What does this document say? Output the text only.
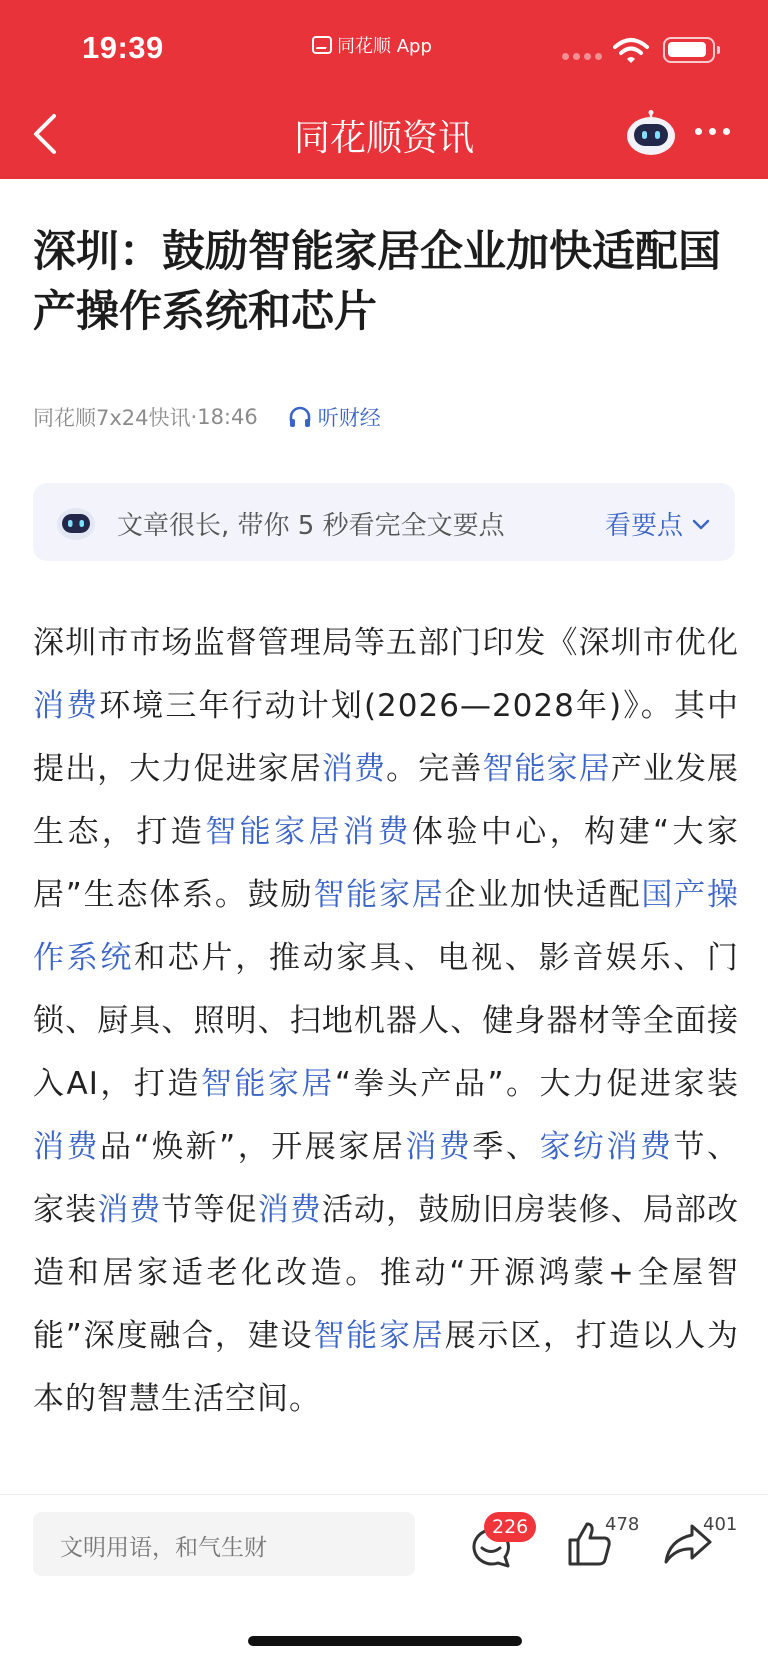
19:39	同花顺 App
同花顺资讯
深圳：鼓励智能家居企业加快适配国产操作系统和芯片
同花顺7x24快讯 · 18:46	听财经
文章很长, 带你 5 秒看完全文要点	看要点
深圳市市场监督管理局等五部门印发《深圳市优化消费环境三年行动计划(2026—2028年)》。其中提出，大力促进家居消费。完善智能家居产业发展生态，打造智能家居消费体验中心，构建“大家居”生态体系。鼓励智能家居企业加快适配国产操作系统和芯片，推动家具、电视、影音娱乐、门锁、厨具、照明、扫地机器人、健身器材等全面接入AI，打造智能家居“拳头产品”。大力促进家装消费品“焕新”，开展家居消费季、家纺消费节、家装消费节等促消费活动，鼓励旧房装修、局部改造和居家适老化改造。推动“开源鸿蒙+全屋智能”深度融合，建设智能家居展示区，打造以人为本的智慧生活空间。
文明用语，和气生财
226	478	401
